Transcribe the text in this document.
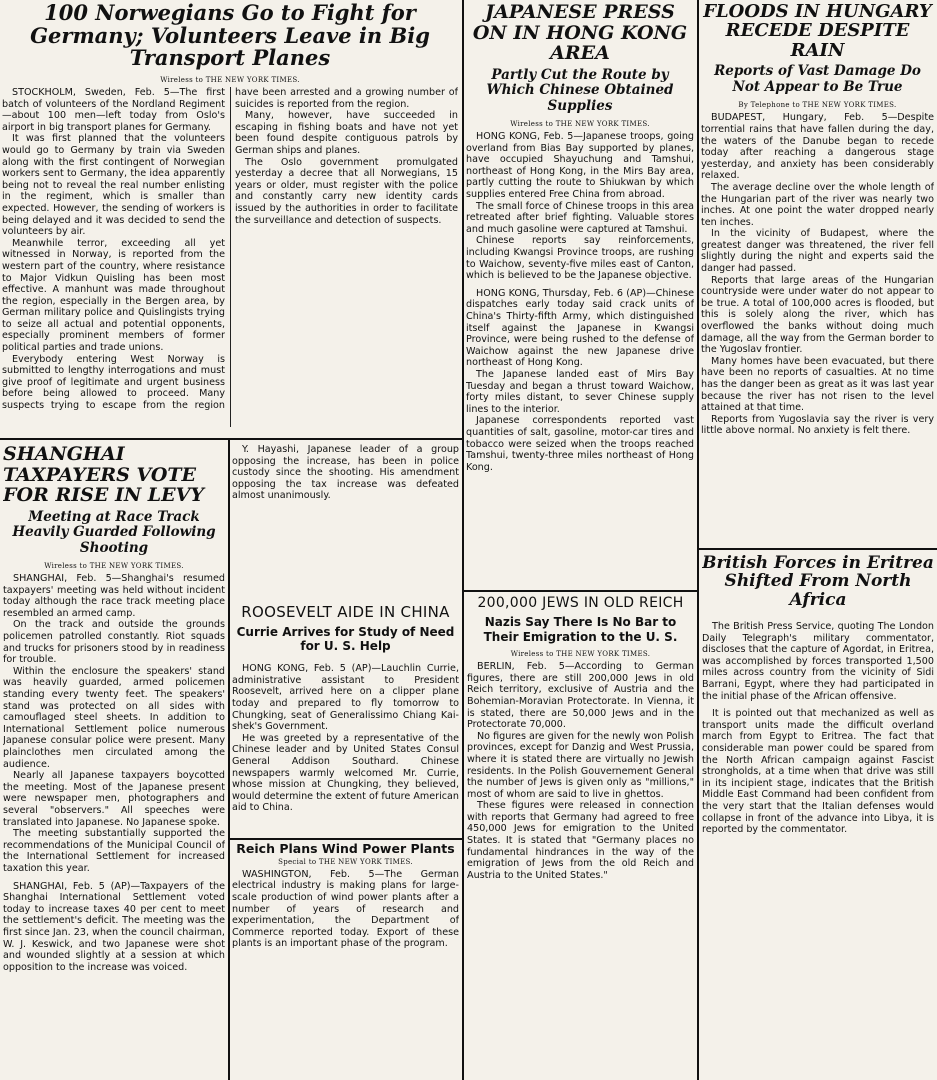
100 Norwegians Go to Fight for Germany; Volunteers Leave in Big Transport Planes
Wireless to THE NEW YORK TIMES.

STOCKHOLM, Sweden, Feb. 5—The first batch of volunteers of the Nordland Regiment—about 100 men—left today from Oslo's airport in big transport planes for Germany.

It was first planned that the volunteers would go to Germany by train via Sweden along with the first contingent of Norwegian workers sent to Germany, the idea apparently being not to reveal the real number enlisting in the regiment, which is smaller than expected. However, the sending of workers is being delayed and it was decided to send the volunteers by air.

Meanwhile terror, exceeding all yet witnessed in Norway, is reported from the western part of the country, where resistance to Major Vidkun Quisling has been most effective. A manhunt was made throughout the region, especially in the Bergen area, by German military police and Quislingists trying to seize all actual and potential opponents, especially prominent members of former political parties and trade unions.

Everybody entering West Norway is submitted to lengthy interrogations and must give proof of legitimate and urgent business before being allowed to proceed. Many suspects trying to escape from the region have been arrested and a growing number of suicides is reported from the region.

Many, however, have succeeded in escaping in fishing boats and have not yet been found despite contiguous patrols by German ships and planes.

The Oslo government promulgated yesterday a decree that all Norwegians, 15 years or older, must register with the police and constantly carry new identity cards issued by the authorities in order to facilitate the surveillance and detection of suspects.

JAPANESE PRESS ON IN HONG KONG AREA
Partly Cut the Route by Which Chinese Obtained Supplies
Wireless to THE NEW YORK TIMES.

HONG KONG, Feb. 5—Japanese troops, going overland from Bias Bay supported by planes, have occupied Shayuchung and Tamshui, northeast of Hong Kong, in the Mirs Bay area, partly cutting the route to Shiukwan by which supplies entered Free China from abroad.

The small force of Chinese troops in this area retreated after brief fighting. Valuable stores and much gasoline were captured at Tamshui.

Chinese reports say reinforcements, including Kwangsi Province troops, are rushing to Waichow, seventy-five miles east of Canton, which is believed to be the Japanese objective.

HONG KONG, Thursday, Feb. 6 (AP)—Chinese dispatches early today said crack units of China's Thirty-fifth Army, which distinguished itself against the Japanese in Kwangsi Province, were being rushed to the defense of Waichow against the new Japanese drive northeast of Hong Kong.

The Japanese landed east of Mirs Bay Tuesday and began a thrust toward Waichow, forty miles distant, to sever Chinese supply lines to the interior.

Japanese correspondents reported vast quantities of salt, gasoline, motor-car tires and tobacco were seized when the troops reached Tamshui, twenty-three miles northeast of Hong Kong.

FLOODS IN HUNGARY RECEDE DESPITE RAIN
Reports of Vast Damage Do Not Appear to Be True
By Telephone to THE NEW YORK TIMES.

BUDAPEST, Hungary, Feb. 5—Despite torrential rains that have fallen during the day, the waters of the Danube began to recede today after reaching a dangerous stage yesterday, and anxiety has been considerably relaxed.

The average decline over the whole length of the Hungarian part of the river was nearly two inches. At one point the water dropped nearly ten inches.

In the vicinity of Budapest, where the greatest danger was threatened, the river fell slightly during the night and experts said the danger had passed.

Reports that large areas of the Hungarian countryside were under water do not appear to be true. A total of 100,000 acres is flooded, but this is solely along the river, which has overflowed the banks without doing much damage, all the way from the German border to the Yugoslav frontier.

Many homes have been evacuated, but there have been no reports of casualties. At no time has the danger been as great as it was last year because the river has not risen to the level attained at that time.

Reports from Yugoslavia say the river is very little above normal. No anxiety is felt there.

SHANGHAI TAXPAYERS VOTE FOR RISE IN LEVY
Meeting at Race Track Heavily Guarded Following Shooting
Wireless to THE NEW YORK TIMES.

SHANGHAI, Feb. 5—Shanghai's resumed taxpayers' meeting was held without incident today although the race track meeting place resembled an armed camp.

On the track and outside the grounds policemen patrolled constantly. Riot squads and trucks for prisoners stood by in readiness for trouble.

Within the enclosure the speakers' stand was heavily guarded, armed policemen standing every twenty feet. The speakers' stand was protected on all sides with camouflaged steel sheets. In addition to International Settlement police numerous Japanese consular police were present. Many plainclothes men circulated among the audience.

Nearly all Japanese taxpayers boycotted the meeting. Most of the Japanese present were newspaper men, photographers and several "observers." All speeches were translated into Japanese. No Japanese spoke.

The meeting substantially supported the recommendations of the Municipal Council of the International Settlement for increased taxation this year.

SHANGHAI, Feb. 5 (AP)—Taxpayers of the Shanghai International Settlement voted today to increase taxes 40 per cent to meet the settlement's deficit. The meeting was the first since Jan. 23, when the council chairman, W. J. Keswick, and two Japanese were shot and wounded slightly at a session at which opposition to the increase was voiced.

Y. Hayashi, Japanese leader of a group opposing the increase, has been in police custody since the shooting. His amendment opposing the tax increase was defeated almost unanimously.

ROOSEVELT AIDE IN CHINA
Currie Arrives for Study of Need for U. S. Help

HONG KONG, Feb. 5 (AP)—Lauchlin Currie, administrative assistant to President Roosevelt, arrived here on a clipper plane today and prepared to fly tomorrow to Chungking, seat of Generalissimo Chiang Kai-shek's Government.

He was greeted by a representative of the Chinese leader and by United States Consul General Addison Southard. Chinese newspapers warmly welcomed Mr. Currie, whose mission at Chungking, they believed, would determine the extent of future American aid to China.

Reich Plans Wind Power Plants
Special to THE NEW YORK TIMES.

WASHINGTON, Feb. 5—The German electrical industry is making plans for large-scale production of wind power plants after a number of years of research and experimentation, the Department of Commerce reported today. Export of these plants is an important phase of the program.

200,000 JEWS IN OLD REICH
Nazis Say There Is No Bar to Their Emigration to the U. S.
Wireless to THE NEW YORK TIMES.

BERLIN, Feb. 5—According to German figures, there are still 200,000 Jews in old Reich territory, exclusive of Austria and the Bohemian-Moravian Protectorate. In Vienna, it is stated, there are 50,000 Jews and in the Protectorate 70,000.

No figures are given for the newly won Polish provinces, except for Danzig and West Prussia, where it is stated there are virtually no Jewish residents. In the Polish Gouvernement General the number of Jews is given only as "millions," most of whom are said to live in ghettos.

These figures were released in connection with reports that Germany had agreed to free 450,000 Jews for emigration to the United States. It is stated that "Germany places no fundamental hindrances in the way of the emigration of Jews from the old Reich and Austria to the United States."

British Forces in Eritrea Shifted From North Africa

The British Press Service, quoting The London Daily Telegraph's military commentator, discloses that the capture of Agordat, in Eritrea, was accomplished by forces transported 1,500 miles across country from the vicinity of Sidi Barrani, Egypt, where they had participated in the initial phase of the African offensive.

It is pointed out that mechanized as well as transport units made the difficult overland march from Egypt to Eritrea. The fact that considerable man power could be spared from the North African campaign against Fascist strongholds, at a time when that drive was still in its incipient stage, indicates that the British Middle East Command had been confident from the very start that the Italian defenses would collapse in front of the advance into Libya, it is reported by the commentator.
